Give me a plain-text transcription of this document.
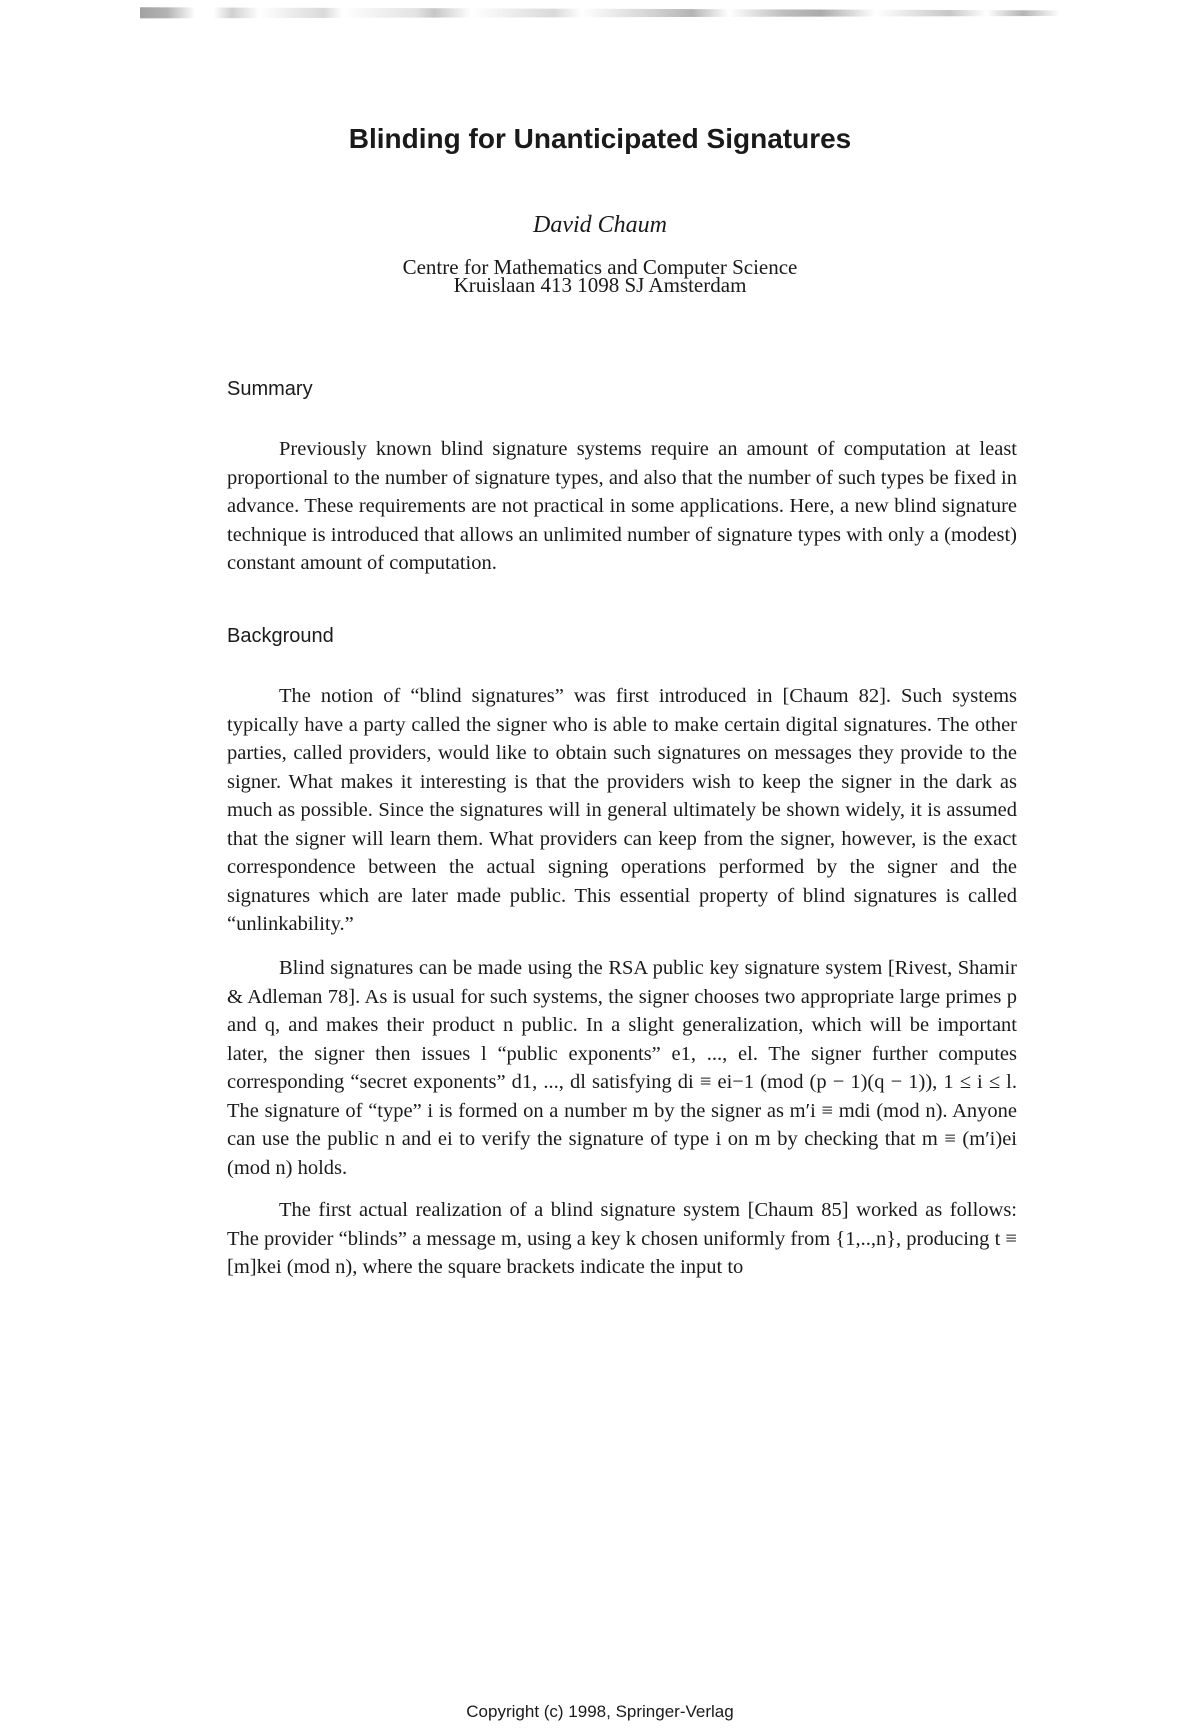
Blinding for Unanticipated Signatures
David Chaum
Centre for Mathematics and Computer Science
Kruislaan 413 1098 SJ Amsterdam
Summary

Previously known blind signature systems require an amount of computation at least proportional to the number of signature types, and also that the number of such types be fixed in advance. These requirements are not practical in some applications. Here, a new blind signature technique is introduced that allows an unlimited number of signature types with only a (modest) constant amount of computation.

Background

The notion of “blind signatures” was first introduced in [Chaum 82]. Such systems typically have a party called the signer who is able to make certain digital signatures. The other parties, called providers, would like to obtain such signatures on messages they provide to the signer. What makes it interesting is that the providers wish to keep the signer in the dark as much as possible. Since the signatures will in general ultimately be shown widely, it is assumed that the signer will learn them. What providers can keep from the signer, however, is the exact correspondence between the actual signing operations performed by the signer and the signatures which are later made public. This essential property of blind signatures is called “unlinkability.”

Blind signatures can be made using the RSA public key signature system [Rivest, Shamir & Adleman 78]. As is usual for such systems, the signer chooses two appropriate large primes p and q, and makes their product n public. In a slight generalization, which will be important later, the signer then issues l “public exponents” e1, ..., el. The signer further computes corresponding “secret exponents” d1, ..., dl satisfying di ≡ ei−1 (mod (p − 1)(q − 1)), 1 ≤ i ≤ l. The signature of “type” i is formed on a number m by the signer as m′i ≡ mdi (mod n). Anyone can use the public n and ei to verify the signature of type i on m by checking that m ≡ (m′i)ei (mod n) holds.

The first actual realization of a blind signature system [Chaum 85] worked as follows: The provider “blinds” a message m, using a key k chosen uniformly from {1,..,n}, producing t ≡ [m]kei (mod n), where the square brackets indicate the input to

Copyright (c) 1998, Springer-Verlag
